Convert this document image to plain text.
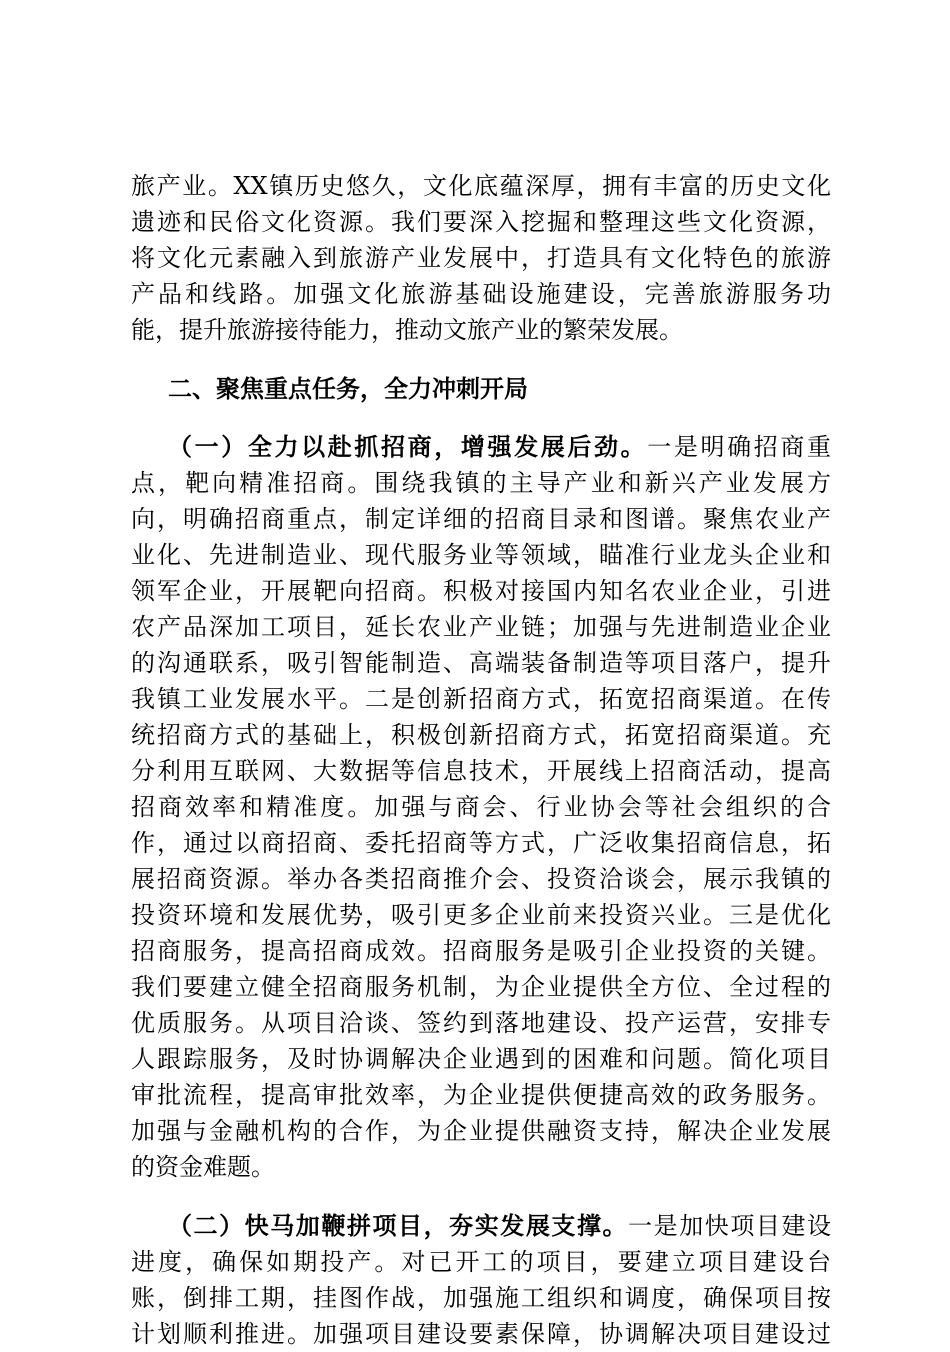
旅产业。XX镇历史悠久，文化底蕴深厚，拥有丰富的历史文化
遗迹和民俗文化资源。我们要深入挖掘和整理这些文化资源，
将文化元素融入到旅游产业发展中，打造具有文化特色的旅游
产品和线路。加强文化旅游基础设施建设，完善旅游服务功
能，提升旅游接待能力，推动文旅产业的繁荣发展。
二、聚焦重点任务，全力冲刺开局
（一）全力以赴抓招商，增强发展后劲。一是明确招商重
点，靶向精准招商。围绕我镇的主导产业和新兴产业发展方
向，明确招商重点，制定详细的招商目录和图谱。聚焦农业产
业化、先进制造业、现代服务业等领域，瞄准行业龙头企业和
领军企业，开展靶向招商。积极对接国内知名农业企业，引进
农产品深加工项目，延长农业产业链；加强与先进制造业企业
的沟通联系，吸引智能制造、高端装备制造等项目落户，提升
我镇工业发展水平。二是创新招商方式，拓宽招商渠道。在传
统招商方式的基础上，积极创新招商方式，拓宽招商渠道。充
分利用互联网、大数据等信息技术，开展线上招商活动，提高
招商效率和精准度。加强与商会、行业协会等社会组织的合
作，通过以商招商、委托招商等方式，广泛收集招商信息，拓
展招商资源。举办各类招商推介会、投资洽谈会，展示我镇的
投资环境和发展优势，吸引更多企业前来投资兴业。三是优化
招商服务，提高招商成效。招商服务是吸引企业投资的关键。
我们要建立健全招商服务机制，为企业提供全方位、全过程的
优质服务。从项目洽谈、签约到落地建设、投产运营，安排专
人跟踪服务，及时协调解决企业遇到的困难和问题。简化项目
审批流程，提高审批效率，为企业提供便捷高效的政务服务。
加强与金融机构的合作，为企业提供融资支持，解决企业发展
的资金难题。
（二）快马加鞭拼项目，夯实发展支撑。一是加快项目建设
进度，确保如期投产。对已开工的项目，要建立项目建设台
账，倒排工期，挂图作战，加强施工组织和调度，确保项目按
计划顺利推进。加强项目建设要素保障，协调解决项目建设过
